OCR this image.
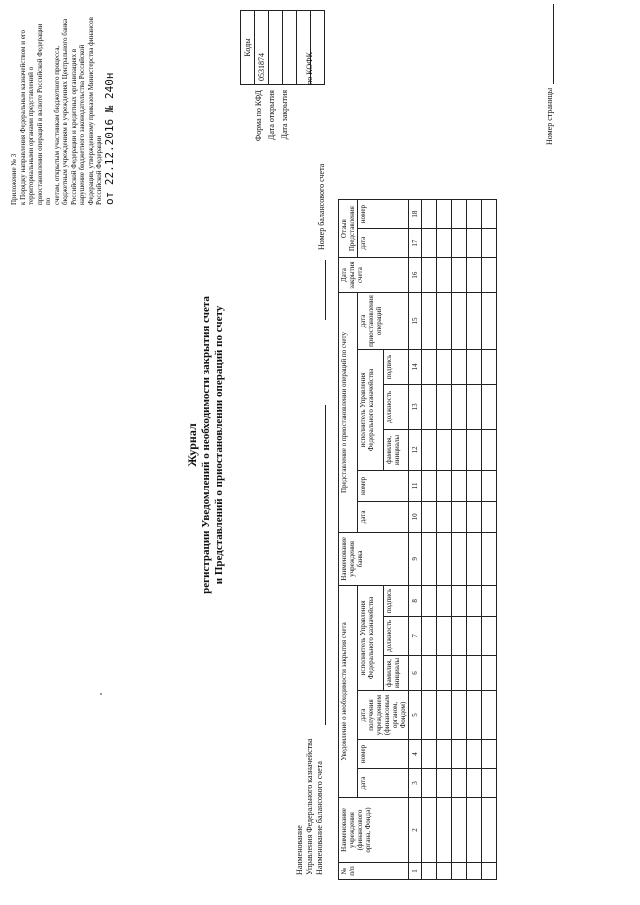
Приложение № 3 к Порядку направления Федеральным казначейством и его территориальными органами представлений о приостановлении операций в валюте Российской Федерации по счетам, открытым участникам бюджетного процесса, бюджетным учреждениям в учреждениях Центрального банка Российской Федерации и кредитных организациях в нарушение бюджетного законодательства Российской Федерации, утвержденному приказом Министерства финансов Российской Федерации от 22.12.2016 № 240н
Журнал регистрации Уведомлений о необходимости закрытия счета и Представлений о приостановлении операций по счету
Форма по КФД Дата открытия Дата закрытия
Коды
0531874	по КОФК
Наименование Управления Федерального казначейства Наименование балансового счета
Номер балансового счета
№ п/п	Наименование учреждения (финансового органа, Фонда)	Уведомление о необходимости закрытия счета						Наименование учреждения банка	Представление о приостановлении операций по счету						Дата закрытия счета	Отзыв Представления	
		дата	номер	дата получения учреждением (финансовым органом, Фондом)	исполнитель Управления Федерального казначейства				дата	номер	исполнитель Управления Федерального казначейства			дата приостановления операций		дата	номер
					фамилия, инициалы	должность	подпись				фамилия, инициалы	должность	подпись				
1	2	3	4	5	6	7	8	9	10	11	12	13	14	15	16	17	18

Номер страницы
